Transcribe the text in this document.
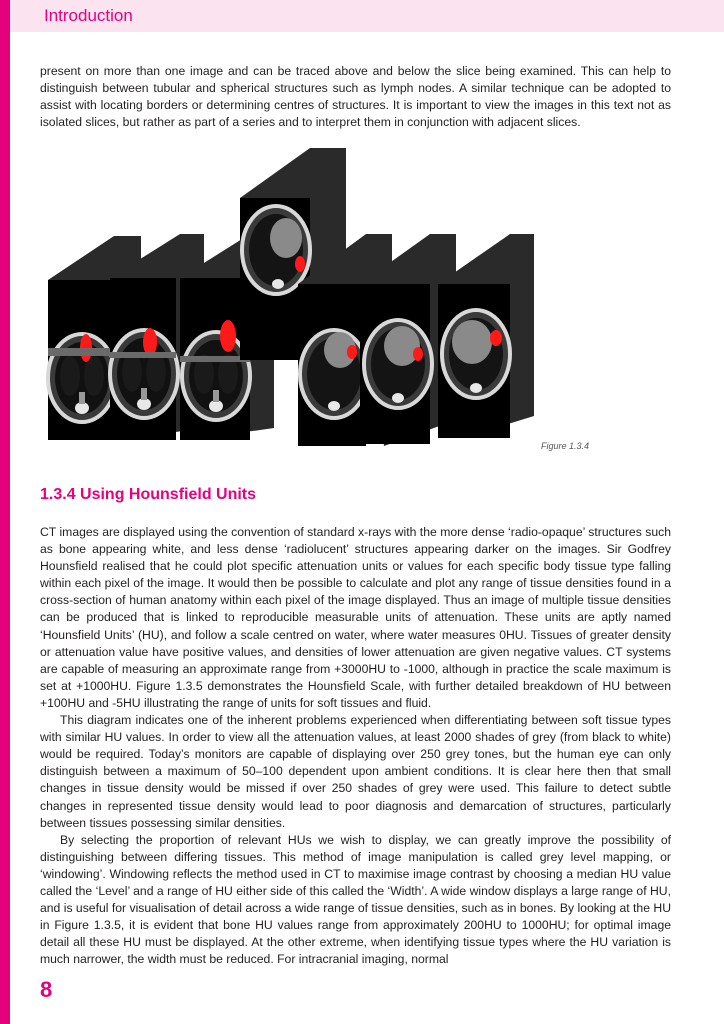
Introduction

present on more than one image and can be traced above and below the slice being examined. This can help to distinguish between tubular and spherical structures such as lymph nodes. A similar technique can be adopted to assist with locating borders or determining centres of structures. It is important to view the images in this text not as isolated slices, but rather as part of a series and to interpret them in conjunction with adjacent slices.

Figure 1.3.4
1.3.4 Using Hounsfield Units

CT images are displayed using the convention of standard x-rays with the more dense ‘radio-opaque’ structures such as bone appearing white, and less dense ‘radiolucent’ structures appearing darker on the images. Sir Godfrey Hounsfield realised that he could plot specific attenuation units or values for each specific body tissue type falling within each pixel of the image. It would then be possible to calculate and plot any range of tissue densities found in a cross-section of human anatomy within each pixel of the image displayed. Thus an image of multiple tissue densities can be produced that is linked to reproducible measurable units of attenuation. These units are aptly named ‘Hounsfield Units’ (HU), and follow a scale centred on water, where water measures 0HU. Tissues of greater density or attenuation value have positive values, and densities of lower attenuation are given negative values. CT systems are capable of measuring an approximate range from +3000HU to -1000, although in practice the scale maximum is set at +1000HU. Figure 1.3.5 demonstrates the Hounsfield Scale, with further detailed breakdown of HU between +100HU and -5HU illustrating the range of units for soft tissues and fluid.

This diagram indicates one of the inherent problems experienced when differentiating between soft tissue types with similar HU values. In order to view all the attenuation values, at least 2000 shades of grey (from black to white) would be required. Today’s monitors are capable of displaying over 250 grey tones, but the human eye can only distinguish between a maximum of 50–100 dependent upon ambient conditions. It is clear here then that small changes in tissue density would be missed if over 250 shades of grey were used. This failure to detect subtle changes in represented tissue density would lead to poor diagnosis and demarcation of structures, particularly between tissues possessing similar densities.

By selecting the proportion of relevant HUs we wish to display, we can greatly improve the possibility of distinguishing between differing tissues. This method of image manipulation is called grey level mapping, or ‘windowing’. Windowing reflects the method used in CT to maximise image contrast by choosing a median HU value called the ‘Level’ and a range of HU either side of this called the ‘Width’. A wide window displays a large range of HU, and is useful for visualisation of detail across a wide range of tissue densities, such as in bones. By looking at the HU in Figure 1.3.5, it is evident that bone HU values range from approximately 200HU to 1000HU; for optimal image detail all these HU must be displayed. At the other extreme, when identifying tissue types where the HU variation is much narrower, the width must be reduced. For intracranial imaging, normal

8
